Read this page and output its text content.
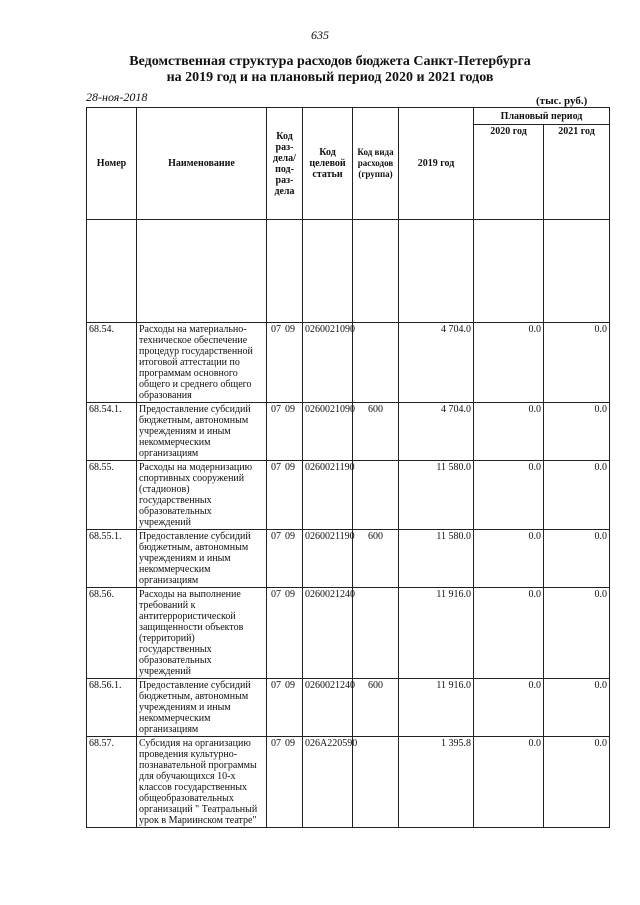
635
Ведомственная структура расходов бюджета Санкт-Петербурга
на 2019 год и на плановый период 2020 и 2021 годов
28-ноя-2018	(тыс. руб.)
Номер	Наименование	Код раз- дела/ под- раз- дела	Код целевой статьи	Код вида расходов (группа)	2019 год	Плановый период	
						2020 год	2021 год

68.54.	Расходы на материально-техническое обеспечение процедур государственной итоговой аттестации по программам основного общего и среднего общего образования	07 09	0260021090		4 704.0	0.0	0.0
68.54.1.	Предоставление субсидий бюджетным, автономным учреждениям и иным некоммерческим организациям	07 09	0260021090	600	4 704.0	0.0	0.0
68.55.	Расходы на модернизацию спортивных сооружений (стадионов) государственных образовательных учреждений	07 09	0260021190		11 580.0	0.0	0.0
68.55.1.	Предоставление субсидий бюджетным, автономным учреждениям и иным некоммерческим организациям	07 09	0260021190	600	11 580.0	0.0	0.0
68.56.	Расходы на выполнение требований к антитеррористической защищенности объектов (территорий) государственных образовательных учреждений	07 09	0260021240		11 916.0	0.0	0.0
68.56.1.	Предоставление субсидий бюджетным, автономным учреждениям и иным некоммерческим организациям	07 09	0260021240	600	11 916.0	0.0	0.0
68.57.	Субсидия на организацию проведения культурно-познавательной программы для обучающихся 10-х классов государственных общеобразовательных организаций " Театральный урок в Мариинском театре"	07 09	026А220590		1 395.8	0.0	0.0
